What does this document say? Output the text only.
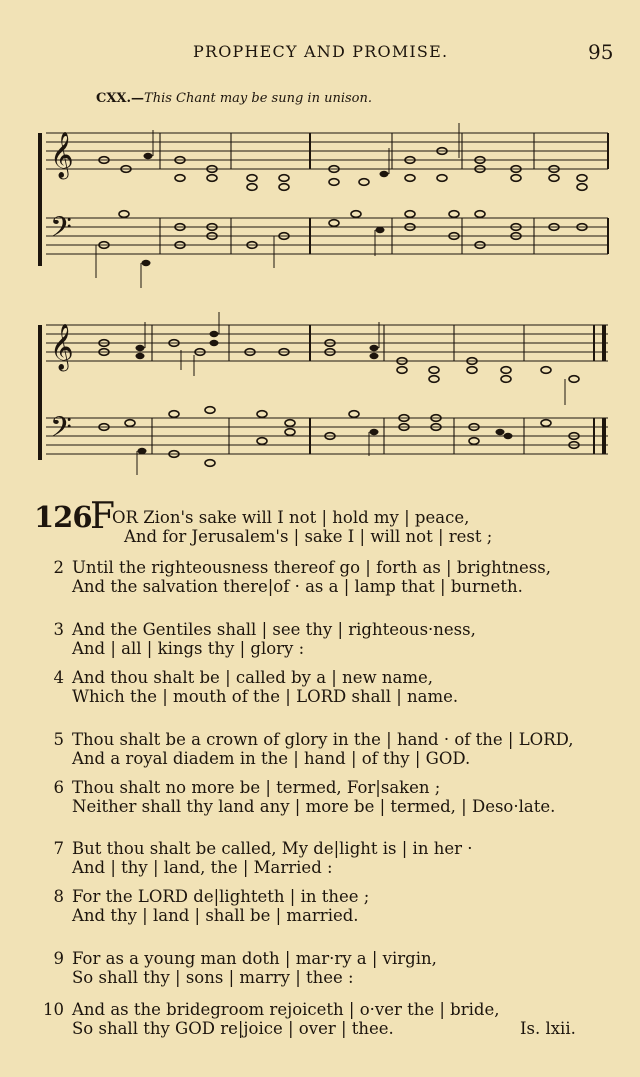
PROPHECY AND PROMISE.	95
CXX.—This Chant may be sung in unison.
𝄞
𝄢
𝄞
𝄢
126
F
OR Zion's sake will I not | hold my | peace,
And for Jerusalem's | sake I | will not | rest ;
2 Until the righteousness thereof go | forth as | brightness,
And the salvation there|of · as a | lamp that | burneth.
3 And the Gentiles shall | see thy | righteous·ness,
And | all | kings thy | glory :
4 And thou shalt be | called by a | new name,
Which the | mouth of the | LORD shall | name.
5 Thou shalt be a crown of glory in the | hand · of the | LORD,
And a royal diadem in the | hand | of thy | GOD.
6 Thou shalt no more be | termed, For|saken ;
Neither shall thy land any | more be | termed, | Deso·late.
7 But thou shalt be called, My de|light is | in her ·
And | thy | land, the | Married :
8 For the LORD de|lighteth | in thee ;
And thy | land | shall be | married.
9 For as a young man doth | mar·ry a | virgin,
So shall thy | sons | marry | thee :
10 And as the bridegroom rejoiceth | o·ver the | bride,
So shall thy GOD re|joice | over | thee.	Is. lxii.
